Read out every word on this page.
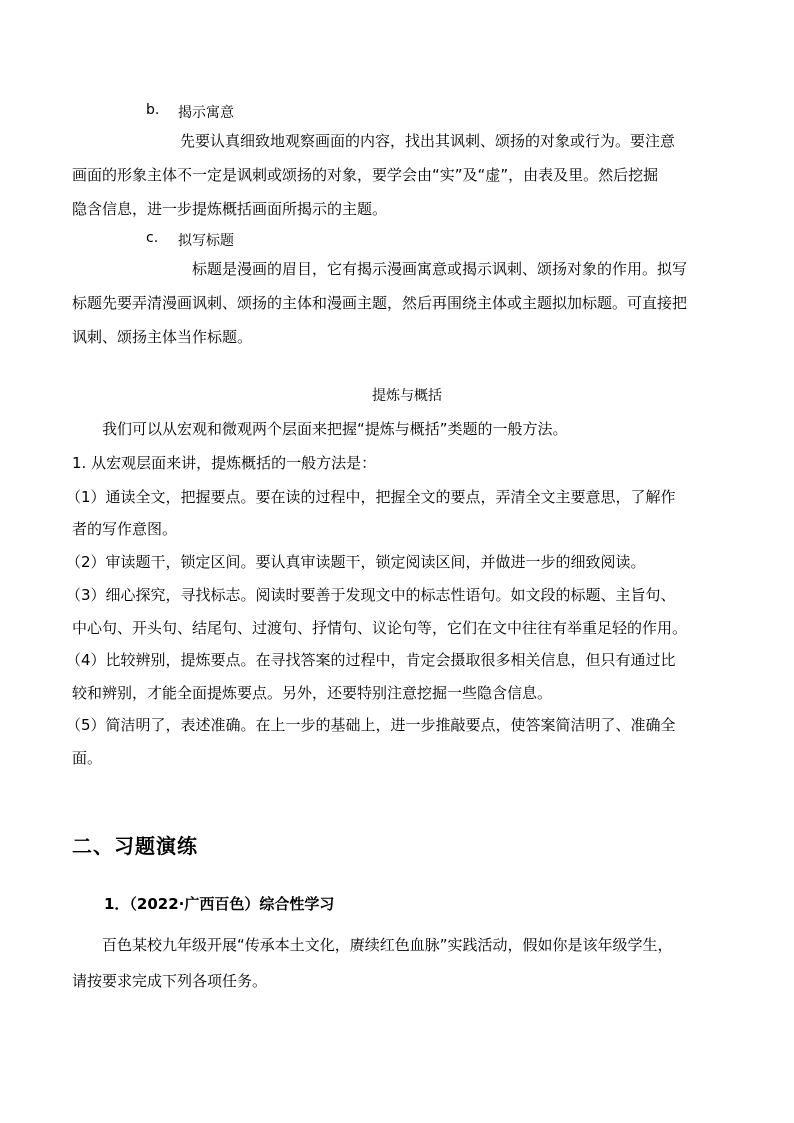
b. 揭示寓意
先要认真细致地观察画面的内容，找出其讽刺、颂扬的对象或行为。要注意
画面的形象主体不一定是讽刺或颂扬的对象，要学会由“实”及“虚”，由表及里。然后挖掘
隐含信息，进一步提炼概括画面所揭示的主题。
c. 拟写标题
标题是漫画的眉目，它有揭示漫画寓意或揭示讽刺、颂扬对象的作用。拟写
标题先要弄清漫画讽刺、颂扬的主体和漫画主题，然后再围绕主体或主题拟加标题。可直接把
讽刺、颂扬主体当作标题。
提炼与概括
我们可以从宏观和微观两个层面来把握“提炼与概括”类题的一般方法。
1. 从宏观层面来讲，提炼概括的一般方法是：
（1）通读全文，把握要点。要在读的过程中，把握全文的要点，弄清全文主要意思，了解作
者的写作意图。
（2）审读题干，锁定区间。要认真审读题干，锁定阅读区间，并做进一步的细致阅读。
（3）细心探究，寻找标志。阅读时要善于发现文中的标志性语句。如文段的标题、主旨句、
中心句、开头句、结尾句、过渡句、抒情句、议论句等，它们在文中往往有举重足轻的作用。
（4）比较辨别，提炼要点。在寻找答案的过程中，肯定会摄取很多相关信息，但只有通过比
较和辨别，才能全面提炼要点。另外，还要特别注意挖掘一些隐含信息。
（5）简洁明了，表述准确。在上一步的基础上，进一步推敲要点，使答案简洁明了、准确全
面。
二、习题演练
1．（2022·广西百色）综合性学习
百色某校九年级开展“传承本土文化，赓续红色血脉”实践活动，假如你是该年级学生，
请按要求完成下列各项任务。
